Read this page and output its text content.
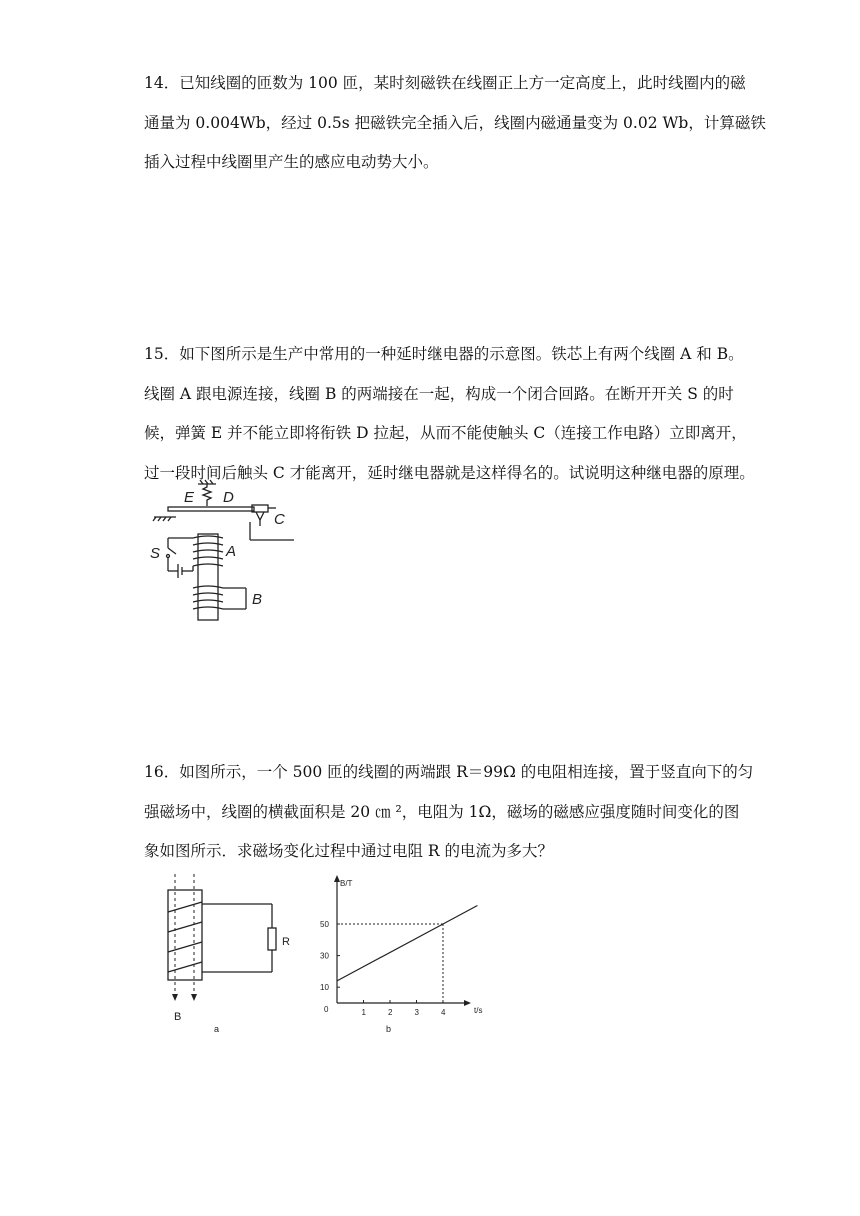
14．已知线圈的匝数为 100 匝，某时刻磁铁在线圈正上方一定高度上，此时线圈内的磁
通量为 0.004Wb，经过 0.5s 把磁铁完全插入后，线圈内磁通量变为 0.02 Wb，计算磁铁
插入过程中线圈里产生的感应电动势大小。
15．如下图所示是生产中常用的一种延时继电器的示意图。铁芯上有两个线圈 A 和 B。
线圈 A 跟电源连接，线圈 B 的两端接在一起，构成一个闭合回路。在断开开关 S 的时
候，弹簧 E 并不能立即将衔铁 D 拉起，从而不能使触头 C（连接工作电路）立即离开，
过一段时间后触头 C 才能离开，延时继电器就是这样得名的。试说明这种继电器的原理。
E D
C
S	A
B
16．如图所示，一个 500 匝的线圈的两端跟 R＝99Ω 的电阻相连接，置于竖直向下的匀
强磁场中，线圈的横截面积是 20 ㎝ ²，电阻为 1Ω，磁场的磁感应强度随时间变化的图
象如图所示．求磁场变化过程中通过电阻 R 的电流为多大？
R
B
a
1	2	3	4
10
30
50
B/T
t/s
0
b
